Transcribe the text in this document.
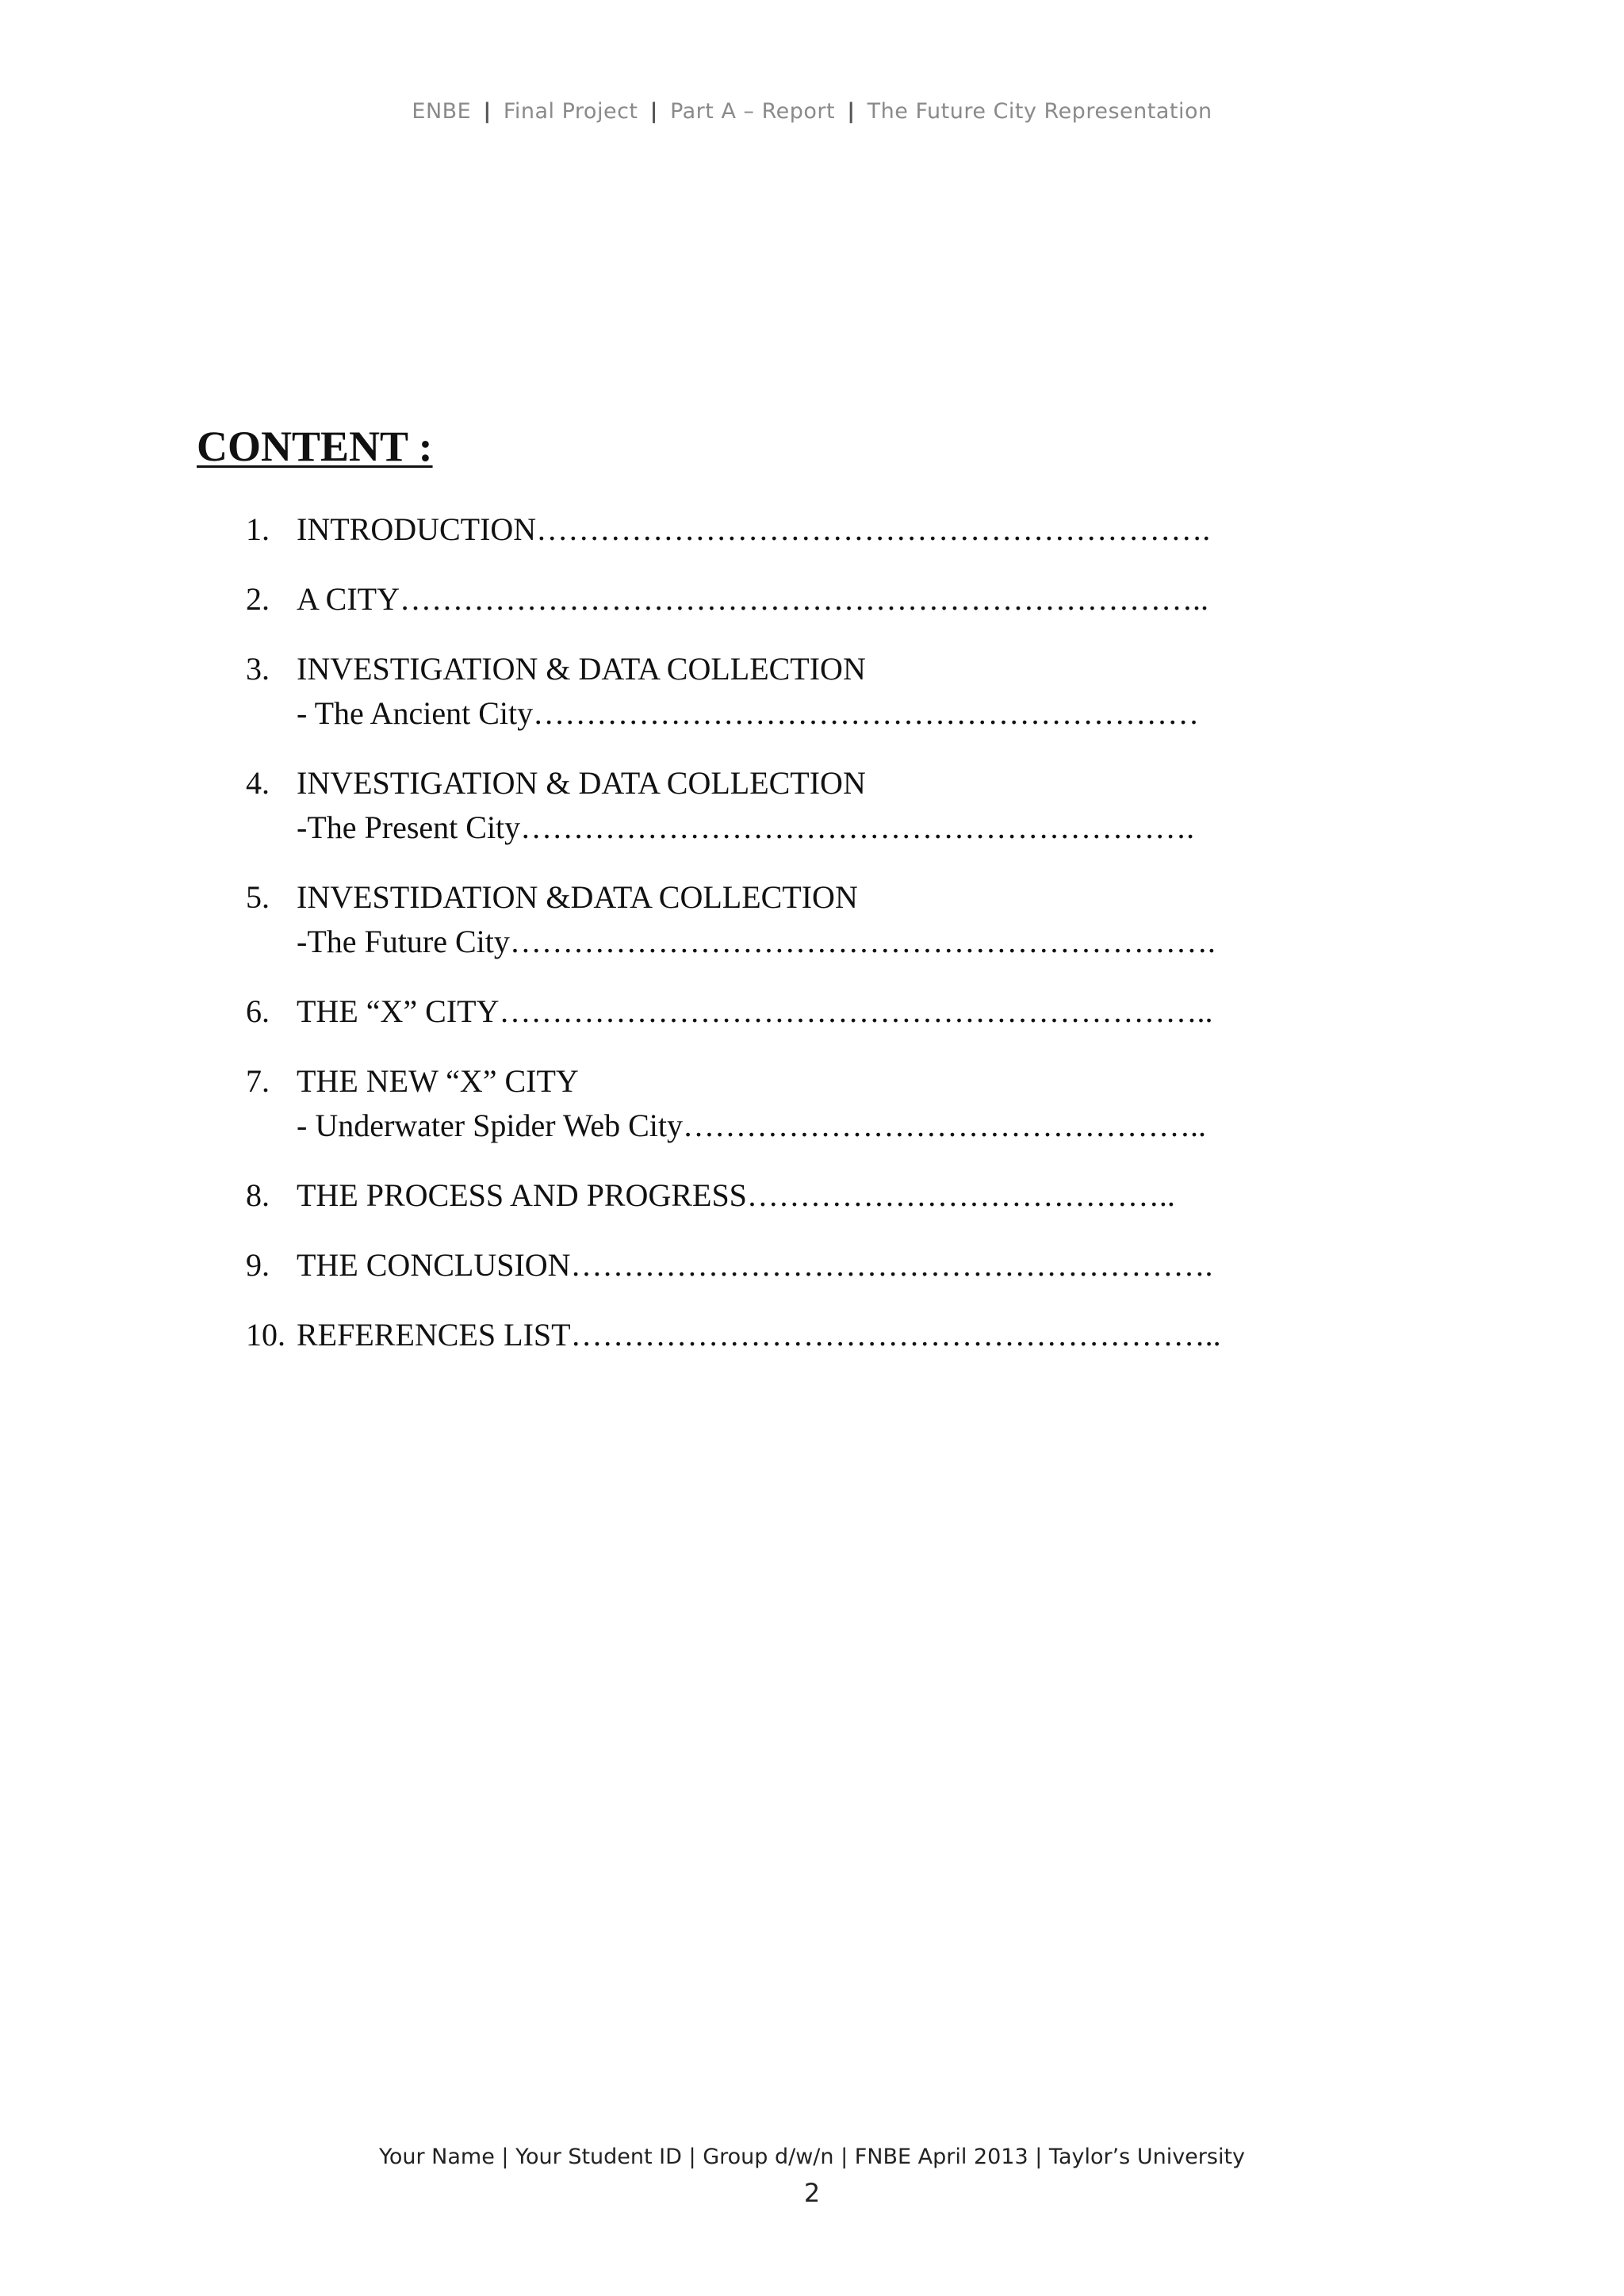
ENBE | Final Project | Part A – Report | The Future City Representation
CONTENT :
1. INTRODUCTION……………………………………………………….
2. A CITY…………………………………………………………………..
3. INVESTIGATION & DATA COLLECTION
- The Ancient City………………………………………………………
4. INVESTIGATION & DATA COLLECTION
-The Present City……………………………………………………….
5. INVESTIDATION &DATA COLLECTION
-The Future City………………………………………………………….
6. THE “X” CITY…………………………………………………………..
7. THE NEW “X” CITY
- Underwater Spider Web City…………………………………………..
8. THE PROCESS AND PROGRESS…………………………………..
9. THE CONCLUSION…………………………………………………….
10. REFERENCES LIST……………………………………………………..
Your Name | Your Student ID | Group d/w/n | FNBE April 2013 | Taylor’s University
2
